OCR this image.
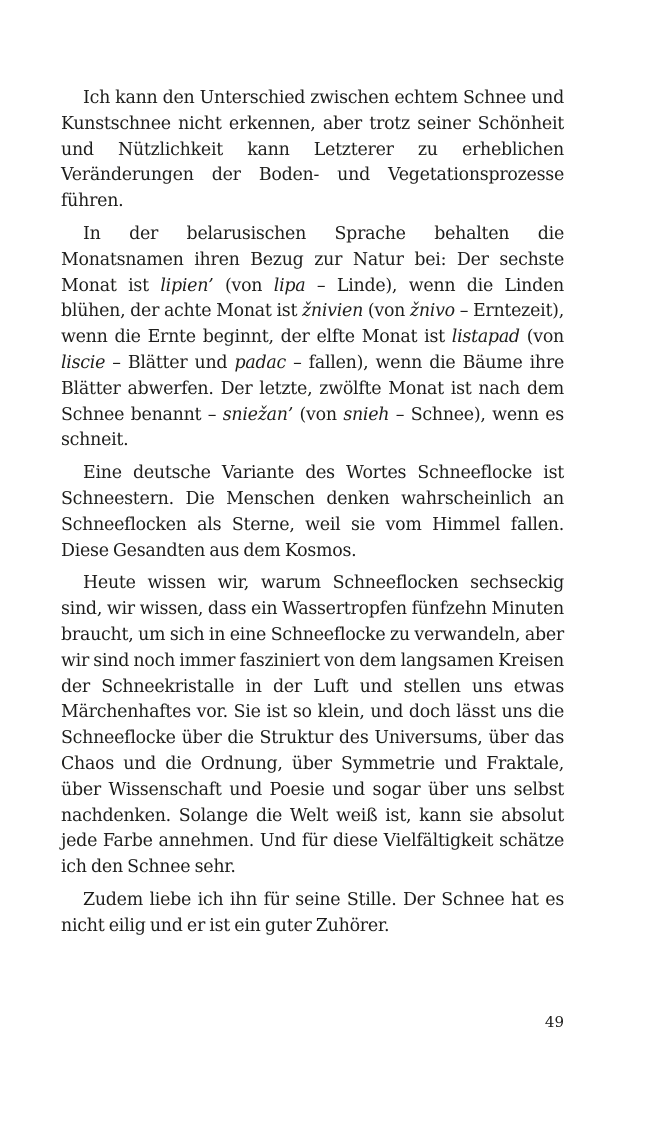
Ich kann den Unterschied zwischen echtem Schnee und Kunstschnee nicht erkennen, aber trotz seiner Schönheit und Nützlichkeit kann Letzterer zu erheblichen Veränderungen der Boden- und Vegetationsprozesse führen.

In der belarusischen Sprache behalten die Monatsnamen ihren Bezug zur Natur bei: Der sechste Monat ist lipien’ (von lipa – Linde), wenn die Linden blühen, der achte Monat ist žnivien (von žnivo – Erntezeit), wenn die Ernte beginnt, der elfte Monat ist listapad (von liscie – Blätter und padac – fallen), wenn die Bäume ihre Blätter abwerfen. Der letzte, zwölfte Monat ist nach dem Schnee benannt – sniežan’ (von snieh – Schnee), wenn es schneit.

Eine deutsche Variante des Wortes Schneeflocke ist Schneestern. Die Menschen denken wahrscheinlich an Schneeflocken als Sterne, weil sie vom Himmel fallen. Diese Gesandten aus dem Kosmos.

Heute wissen wir, warum Schneeflocken sechseckig sind, wir wissen, dass ein Wassertropfen fünfzehn Minuten braucht, um sich in eine Schneeflocke zu verwandeln, aber wir sind noch immer fasziniert von dem langsamen Kreisen der Schneekristalle in der Luft und stellen uns etwas Märchenhaftes vor. Sie ist so klein, und doch lässt uns die Schneeflocke über die Struktur des Universums, über das Chaos und die Ordnung, über Symmetrie und Fraktale, über Wissenschaft und Poesie und sogar über uns selbst nachdenken. Solange die Welt weiß ist, kann sie absolut jede Farbe annehmen. Und für diese Vielfältigkeit schätze ich den Schnee sehr.

Zudem liebe ich ihn für seine Stille. Der Schnee hat es nicht eilig und er ist ein guter Zuhörer.

49
